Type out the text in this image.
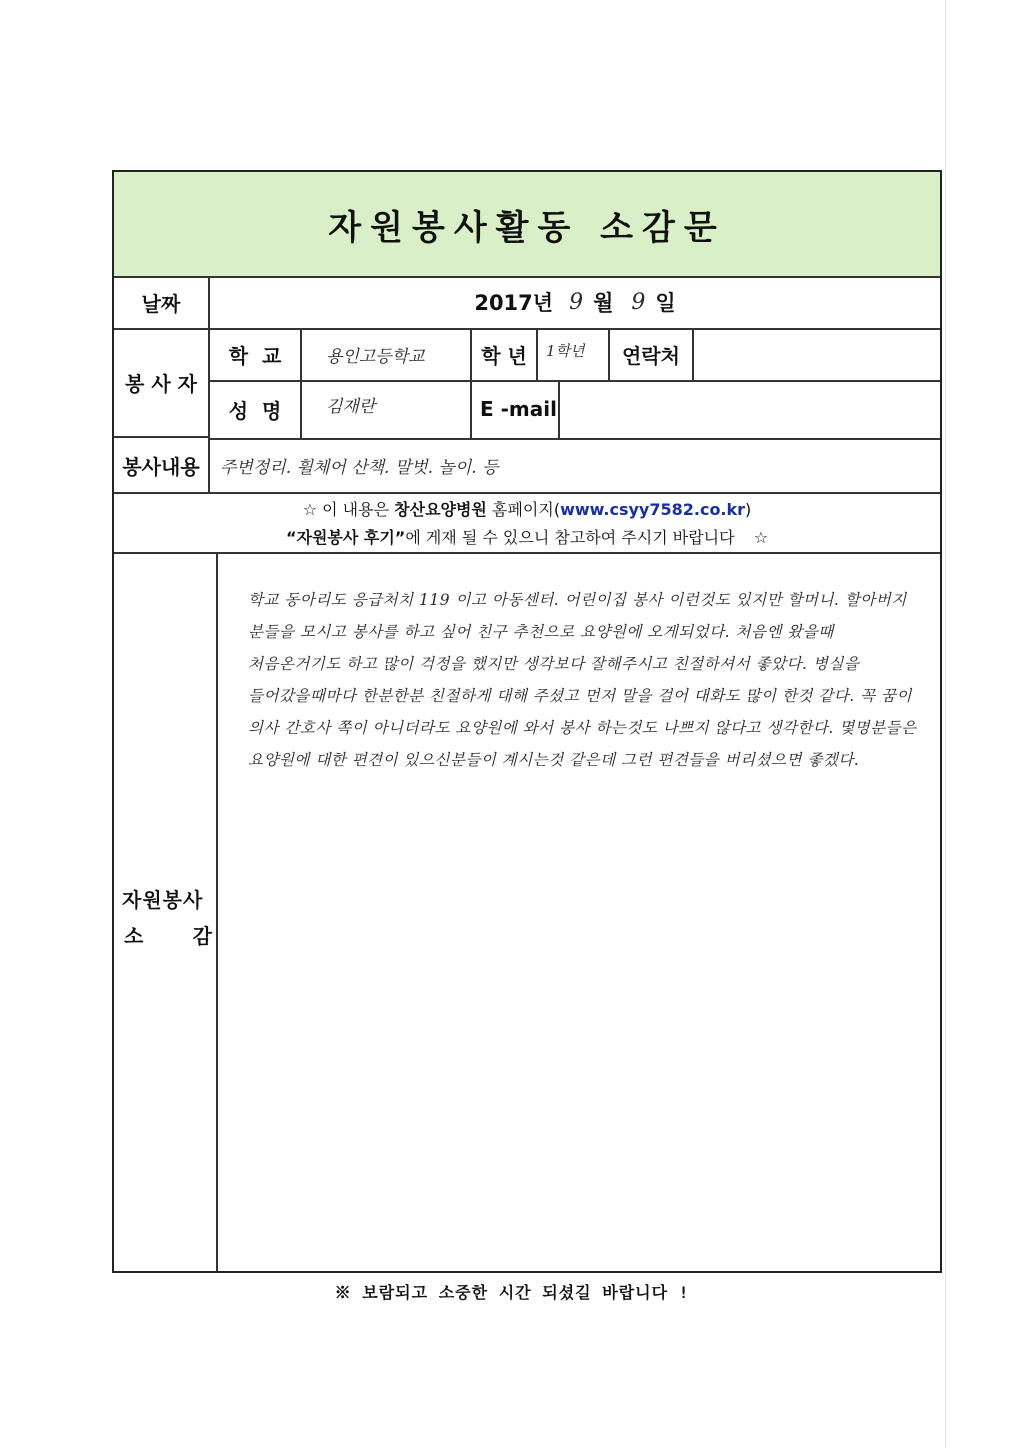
자원봉사활동 소감문
날짜	2017년 9 월 9 일
봉 사 자
학  교	용인고등학교	학 년	1학년	연락처
성  명	김재란	E -mail
봉사내용	주변정리. 휠체어 산책. 말벗. 놀이. 등
☆ 이 내용은 창산요양병원 홈페이지(www.csyy7582.co.kr)
“자원봉사 후기”에 게재 될 수 있으니 참고하여 주시기 바랍니다 ☆
자원봉사
소 감

학교 동아리도 응급처치 119 이고 아동센터. 어린이집 봉사 이런것도 있지만 할머니. 할아버지 분들을 모시고 봉사를 하고 싶어 친구 추천으로 요양원에 오게되었다. 처음엔 왔을때 처음온거기도 하고 많이 걱정을 했지만 생각보다 잘해주시고 친절하셔서 좋았다. 병실을 들어갔을때마다 한분한분 친절하게 대해 주셨고 먼저 말을 걸어 대화도 많이 한것 같다. 꼭 꿈이 의사 간호사 쪽이 아니더라도 요양원에 와서 봉사 하는것도 나쁘지 않다고 생각한다. 몇명분들은 요양원에 대한 편견이 있으신분들이 계시는것 같은데 그런 편견들을 버리셨으면 좋겠다.

※ 보람되고 소중한 시간 되셨길 바랍니다 !
